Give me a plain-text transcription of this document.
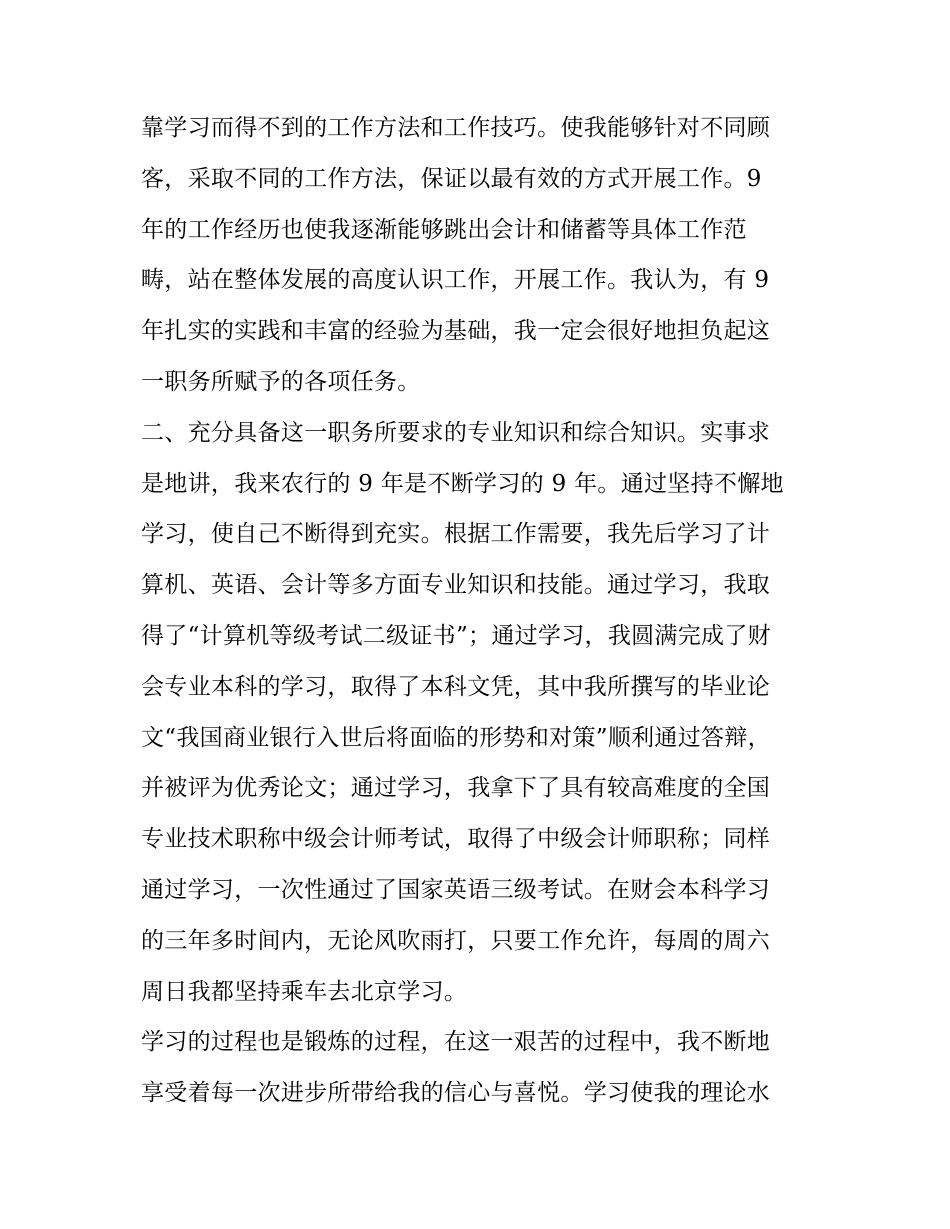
靠学习而得不到的工作方法和工作技巧。使我能够针对不同顾
客，采取不同的工作方法，保证以最有效的方式开展工作。9
年的工作经历也使我逐渐能够跳出会计和储蓄等具体工作范
畴，站在整体发展的高度认识工作，开展工作。我认为，有 9
年扎实的实践和丰富的经验为基础，我一定会很好地担负起这
一职务所赋予的各项任务。
二、充分具备这一职务所要求的专业知识和综合知识。实事求
是地讲，我来农行的 9 年是不断学习的 9 年。通过坚持不懈地
学习，使自己不断得到充实。根据工作需要，我先后学习了计
算机、英语、会计等多方面专业知识和技能。通过学习，我取
得了“计算机等级考试二级证书”；通过学习，我圆满完成了财
会专业本科的学习，取得了本科文凭，其中我所撰写的毕业论
文“我国商业银行入世后将面临的形势和对策”顺利通过答辩，
并被评为优秀论文；通过学习，我拿下了具有较高难度的全国
专业技术职称中级会计师考试，取得了中级会计师职称；同样
通过学习，一次性通过了国家英语三级考试。在财会本科学习
的三年多时间内，无论风吹雨打，只要工作允许，每周的周六
周日我都坚持乘车去北京学习。
学习的过程也是锻炼的过程，在这一艰苦的过程中，我不断地
享受着每一次进步所带给我的信心与喜悦。学习使我的理论水
